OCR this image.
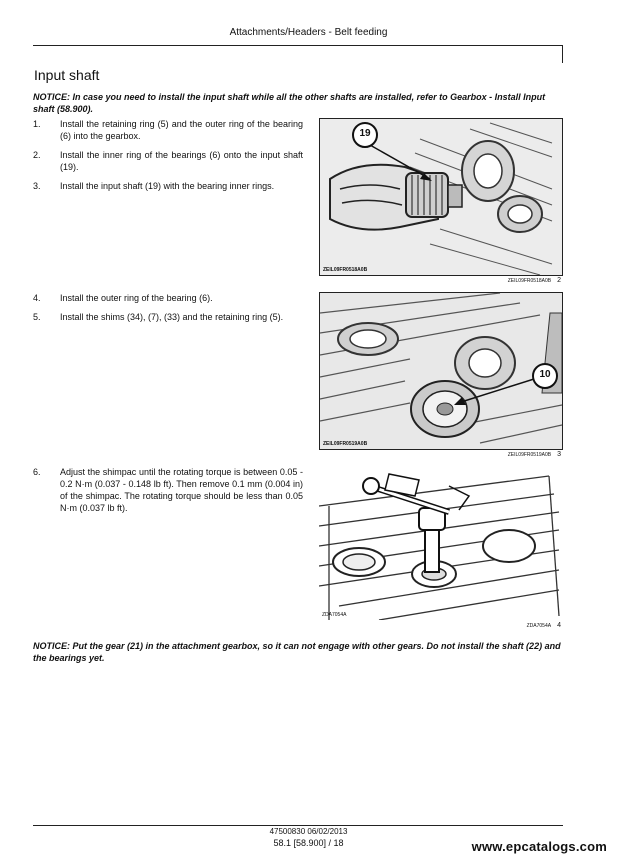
Attachments/Headers - Belt feeding
Input shaft
NOTICE: In case you need to install the input shaft while all the other shafts are installed, refer to Gearbox - Install Input shaft (58.900).
1.	Install the retaining ring (5) and the outer ring of the bearing (6) into the gearbox.
2.	Install the inner ring of the bearings (6) onto the input shaft (19).
3.	Install the input shaft (19) with the bearing inner rings.
19
ZEIL09FR0518A0B
ZEIL09FR0518A0B 2
4.	Install the outer ring of the bearing (6).
5.	Install the shims (34), (7), (33) and the retaining ring (5).
10
ZEIL09FR0519A0B
ZEIL09FR0519A0B 3
6.	Adjust the shimpac until the rotating torque is between 0.05 - 0.2 N·m (0.037 - 0.148 lb ft). Then remove 0.1 mm (0.004 in) of the shimpac. The rotating torque should be less than 0.05 N·m (0.037 lb ft).
ZDA7054A
ZDA7054A 4
NOTICE: Put the gear (21) in the attachment gearbox, so it can not engage with other gears. Do not install the shaft (22) and the bearings yet.
47500830 06/02/2013
58.1 [58.900] / 18	www.epcatalogs.com
